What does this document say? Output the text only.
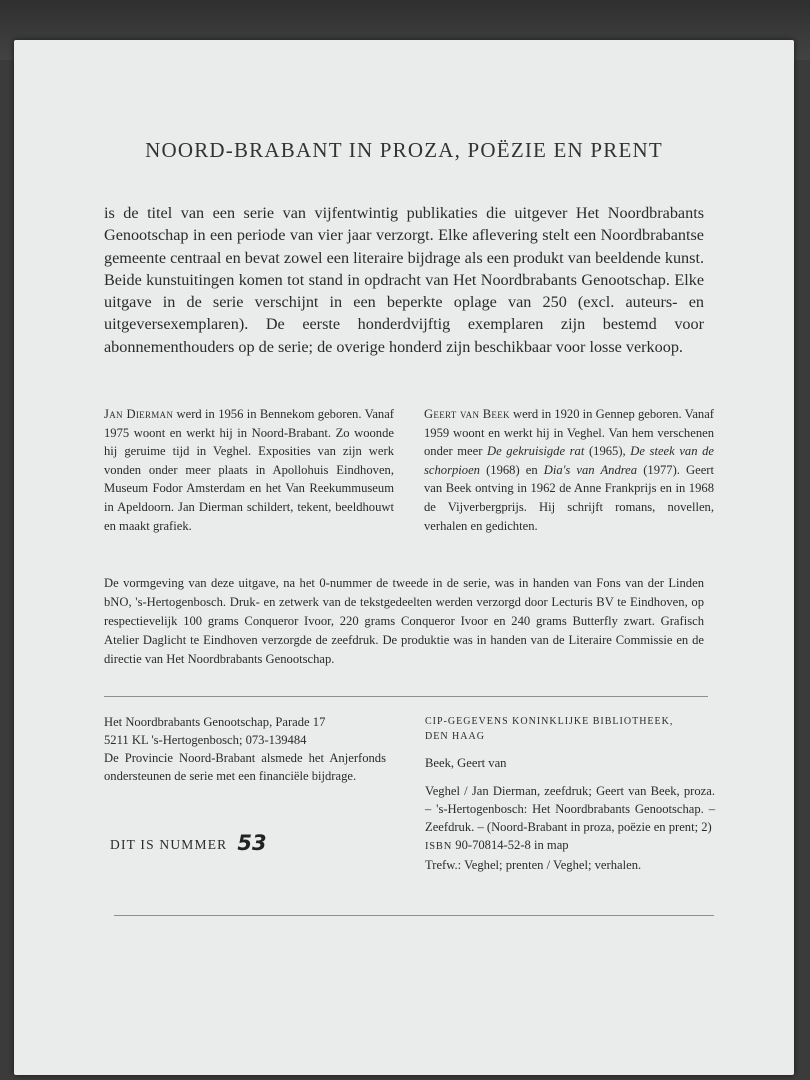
NOORD-BRABANT IN PROZA, POËZIE EN PRENT
is de titel van een serie van vijfentwintig publikaties die uitgever Het Noordbrabants Genootschap in een periode van vier jaar verzorgt. Elke aflevering stelt een Noordbrabantse gemeente centraal en bevat zowel een literaire bijdrage als een produkt van beeldende kunst. Beide kunstuitingen komen tot stand in opdracht van Het Noordbrabants Genootschap. Elke uitgave in de serie verschijnt in een beperkte oplage van 250 (excl. auteurs- en uitgeversexemplaren). De eerste honderdvijftig exemplaren zijn bestemd voor abonnementhouders op de serie; de overige honderd zijn beschikbaar voor losse verkoop.
Jan Dierman werd in 1956 in Bennekom geboren. Vanaf 1975 woont en werkt hij in Noord-Brabant. Zo woonde hij geruime tijd in Veghel. Exposities van zijn werk vonden onder meer plaats in Apollohuis Eindhoven, Museum Fodor Amsterdam en het Van Reekummuseum in Apeldoorn. Jan Dierman schildert, tekent, beeldhouwt en maakt grafiek.
Geert van Beek werd in 1920 in Gennep geboren. Vanaf 1959 woont en werkt hij in Veghel. Van hem verschenen onder meer De gekruisigde rat (1965), De steek van de schorpioen (1968) en Dia's van Andrea (1977). Geert van Beek ontving in 1962 de Anne Frankprijs en in 1968 de Vijverbergprijs. Hij schrijft romans, novellen, verhalen en gedichten.
De vormgeving van deze uitgave, na het 0-nummer de tweede in de serie, was in handen van Fons van der Linden bNO, 's-Hertogenbosch. Druk- en zetwerk van de tekstgedeelten werden verzorgd door Lecturis BV te Eindhoven, op respectievelijk 100 grams Conqueror Ivoor, 220 grams Conqueror Ivoor en 240 grams Butterfly zwart. Grafisch Atelier Daglicht te Eindhoven verzorgde de zeefdruk. De produktie was in handen van de Literaire Commissie en de directie van Het Noordbrabants Genootschap.
Het Noordbrabants Genootschap, Parade 17
5211 KL 's-Hertogenbosch; 073-139484
De Provincie Noord-Brabant alsmede het Anjerfonds ondersteunen de serie met een financiële bijdrage.
DIT IS NUMMER 53
CIP-GEGEVENS KONINKLIJKE BIBLIOTHEEK,
DEN HAAG
Beek, Geert van
Veghel / Jan Dierman, zeefdruk; Geert van Beek, proza. – 's-Hertogenbosch: Het Noordbrabants Genootschap. – Zeefdruk. – (Noord-Brabant in proza, poëzie en prent; 2)
ISBN 90-70814-52-8 in map
Trefw.: Veghel; prenten / Veghel; verhalen.
